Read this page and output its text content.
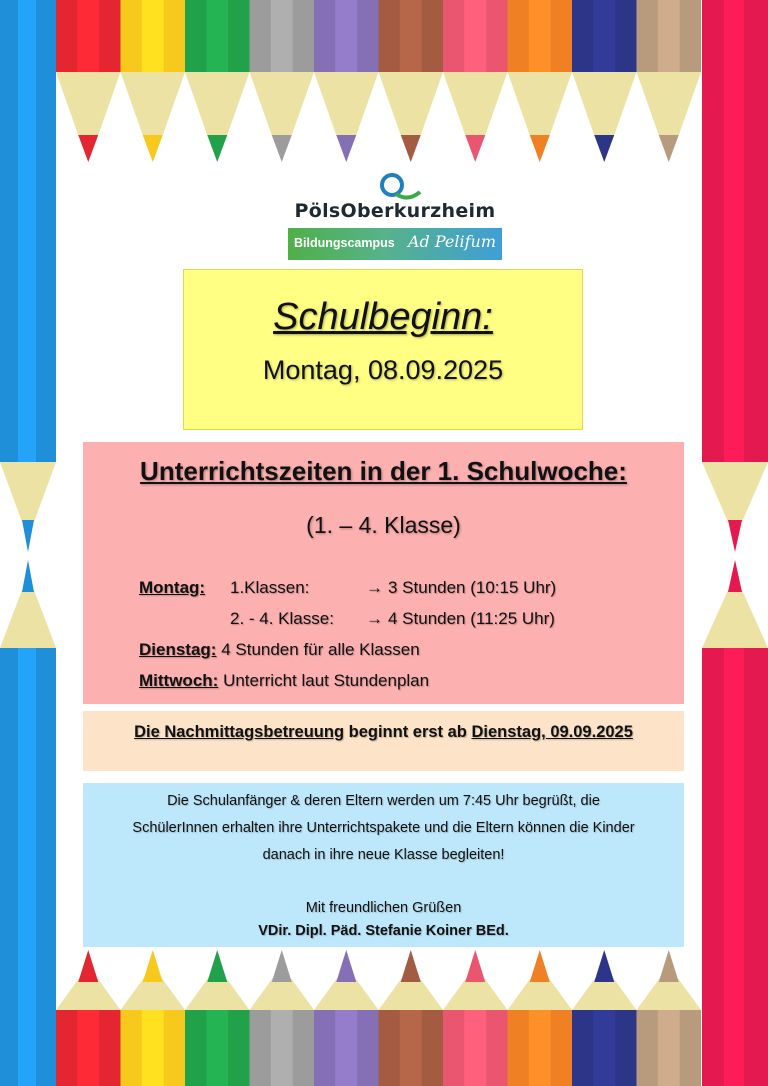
PölsOberkurzheim
Bildungscampus Ad Pelifum
Schulbeginn:
Montag, 08.09.2025
Unterrichtszeiten in der 1. Schulwoche:
(1. – 4. Klasse)
Montag: 1.Klassen:	→ 3 Stunden (10:15 Uhr)
2. - 4. Klasse: → 4 Stunden (11:25 Uhr)
Dienstag: 4 Stunden für alle Klassen
Mittwoch: Unterricht laut Stundenplan
Die Nachmittagsbetreuung beginnt erst ab Dienstag, 09.09.2025
Die Schulanfänger & deren Eltern werden um 7:45 Uhr begrüßt, die
SchülerInnen erhalten ihre Unterrichtspakete und die Eltern können die Kinder
danach in ihre neue Klasse begleiten!
Mit freundlichen Grüßen
VDir. Dipl. Päd. Stefanie Koiner BEd.
